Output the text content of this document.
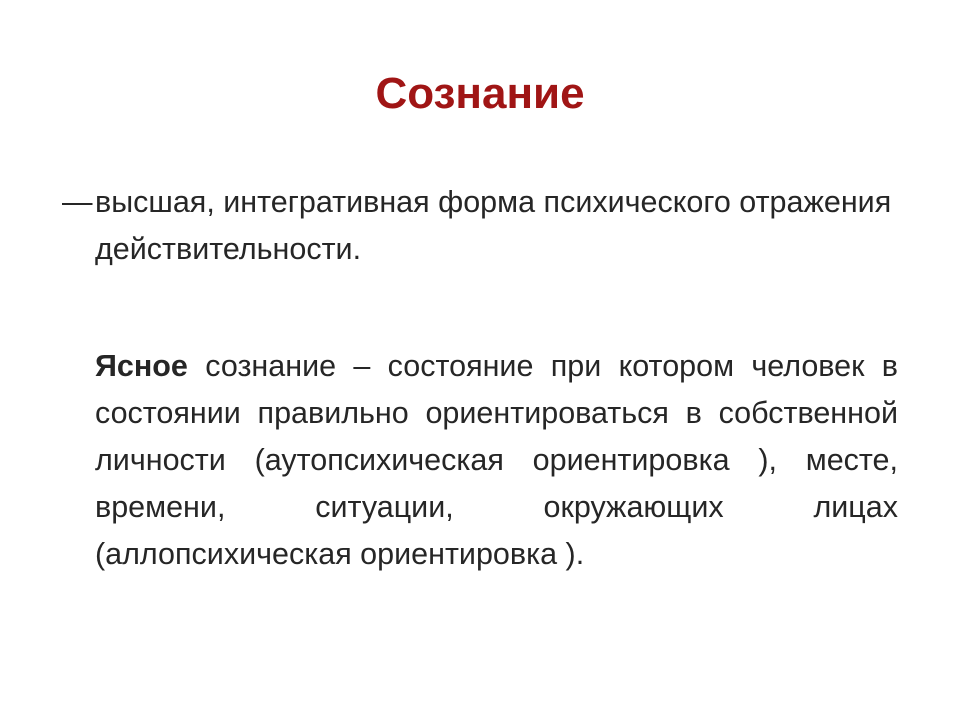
Сознание
— высшая, интегративная форма психического отражения действительности.
Ясное сознание – состояние при котором человек в состоянии правильно ориентироваться в собственной личности (аутопсихическая ориентировка ), месте, времени, ситуации, окружающих лицах (аллопсихическая ориентировка ).
